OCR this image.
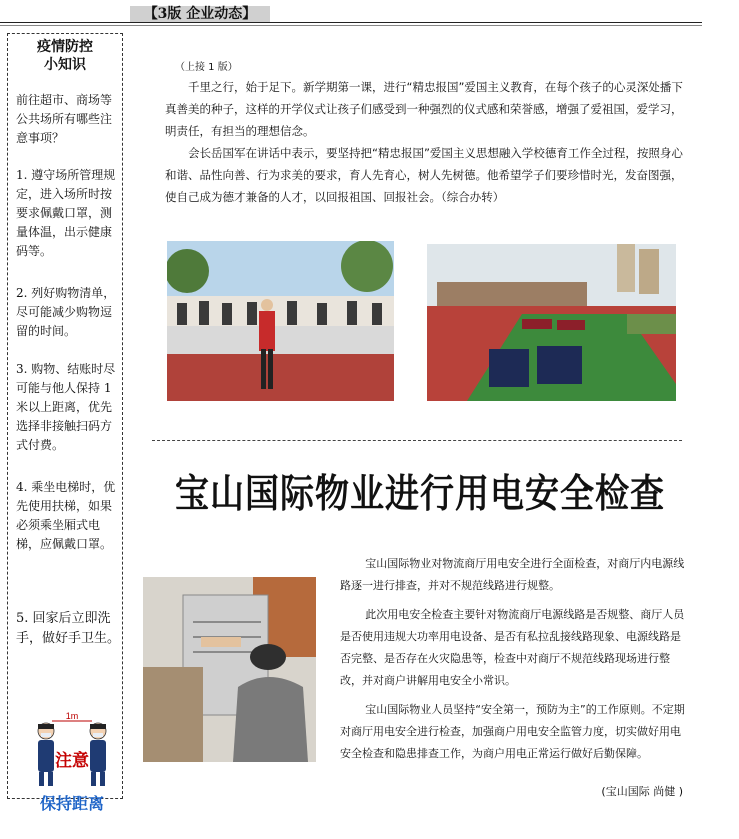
【3版 企业动态】
疫情防控
小知识
前往超市、商场等公共场所有哪些注意事项？
1. 遵守场所管理规定，进入场所时按要求佩戴口罩，测量体温，出示健康码等。
2. 列好购物清单，尽可能减少购物逗留的时间。
3. 购物、结账时尽可能与他人保持 1 米以上距离，优先选择非接触扫码方式付费。
4. 乘坐电梯时，优先使用扶梯，如果必须乘坐厢式电梯，应佩戴口罩。
5. 回家后立即洗手，做好手卫生。
1m
注意
保持距离
（上接 1 版）

千里之行，始于足下。新学期第一课，进行“精忠报国”爱国主义教育，在每个孩子的心灵深处播下真善美的种子，这样的开学仪式让孩子们感受到一种强烈的仪式感和荣誉感，增强了爱祖国，爱学习，明责任，有担当的理想信念。

会长岳国军在讲话中表示，要坚持把“精忠报国”爱国主义思想融入学校德育工作全过程，按照身心和谐、品性向善、行为求美的要求，育人先育心，树人先树德。他希望学子们要珍惜时光，发奋图强，使自己成为德才兼备的人才，以回报祖国、回报社会。（综合办转）

宝山国际物业进行用电安全检查

宝山国际物业对物流商厅用电安全进行全面检查，对商厅内电源线路逐一进行排查，并对不规范线路进行规整。

此次用电安全检查主要针对物流商厅电源线路是否规整、商厅人员是否使用违规大功率用电设备、是否有私拉乱接线路现象、电源线路是否完整、是否存在火灾隐患等，检查中对商厅不规范线路现场进行整改，并对商户讲解用电安全小常识。

宝山国际物业人员坚持“安全第一，预防为主”的工作原则。不定期对商厅用电安全进行检查，加强商户用电安全监管力度，切实做好用电安全检查和隐患排查工作，为商户用电正常运行做好后勤保障。

(宝山国际 尚健 )
